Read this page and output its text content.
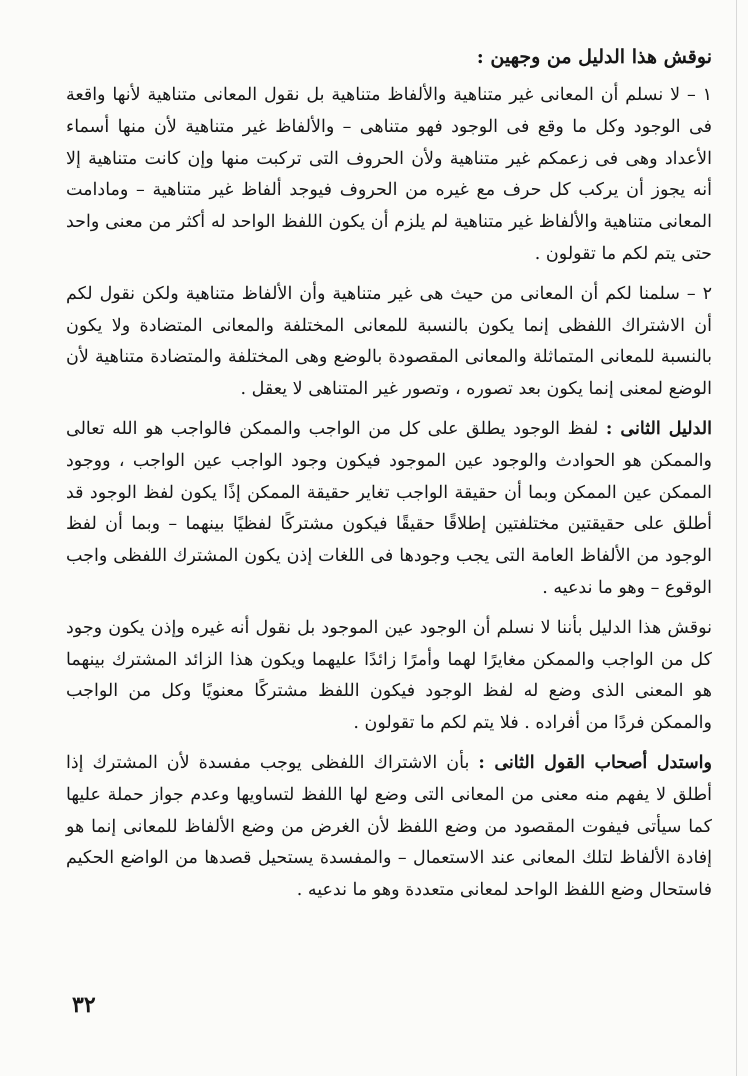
نوقش هذا الدليل من وجهين :

١ – لا نسلم أن المعانى غير متناهية والألفاظ متناهية بل نقول المعانى متناهية لأنها واقعة فى الوجود وكل ما وقع فى الوجود فهو متناهى – والألفاظ غير متناهية لأن منها أسماء الأعداد وهى فى زعمكم غير متناهية ولأن الحروف التى تركبت منها وإن كانت متناهية إلا أنه يجوز أن يركب كل حرف مع غيره من الحروف فيوجد ألفاظ غير متناهية – ومادامت المعانى متناهية والألفاظ غير متناهية لم يلزم أن يكون اللفظ الواحد له أكثر من معنى واحد حتى يتم لكم ما تقولون .

٢ – سلمنا لكم أن المعانى من حيث هى غير متناهية وأن الألفاظ متناهية ولكن نقول لكم أن الاشتراك اللفظى إنما يكون بالنسبة للمعانى المختلفة والمعانى المتضادة ولا يكون بالنسبة للمعانى المتماثلة والمعانى المقصودة بالوضع وهى المختلفة والمتضادة متناهية لأن الوضع لمعنى إنما يكون بعد تصوره ، وتصور غير المتناهى لا يعقل .

الدليل الثانى : لفظ الوجود يطلق على كل من الواجب والممكن فالواجب هو الله تعالى والممكن هو الحوادث والوجود عين الموجود فيكون وجود الواجب عين الواجب ، ووجود الممكن عين الممكن وبما أن حقيقة الواجب تغاير حقيقة الممكن إذًا يكون لفظ الوجود قد أطلق على حقيقتين مختلفتين إطلاقًا حقيقًا فيكون مشتركًا لفظيًا بينهما – وبما أن لفظ الوجود من الألفاظ العامة التى يجب وجودها فى اللغات إذن يكون المشترك اللفظى واجب الوقوع – وهو ما ندعيه .

نوقش هذا الدليل بأننا لا نسلم أن الوجود عين الموجود بل نقول أنه غيره وإذن يكون وجود كل من الواجب والممكن مغايرًا لهما وأمرًا زائدًا عليهما ويكون هذا الزائد المشترك بينهما هو المعنى الذى وضع له لفظ الوجود فيكون اللفظ مشتركًا معنويًا وكل من الواجب والممكن فردًا من أفراده . فلا يتم لكم ما تقولون .

واستدل أصحاب القول الثانى : بأن الاشتراك اللفظى يوجب مفسدة لأن المشترك إذا أطلق لا يفهم منه معنى من المعانى التى وضع لها اللفظ لتساويها وعدم جواز حملة عليها كما سيأتى فيفوت المقصود من وضع اللفظ لأن الغرض من وضع الألفاظ للمعانى إنما هو إفادة الألفاظ لتلك المعانى عند الاستعمال – والمفسدة يستحيل قصدها من الواضع الحكيم فاستحال وضع اللفظ الواحد لمعانى متعددة وهو ما ندعيه .

٣٢
